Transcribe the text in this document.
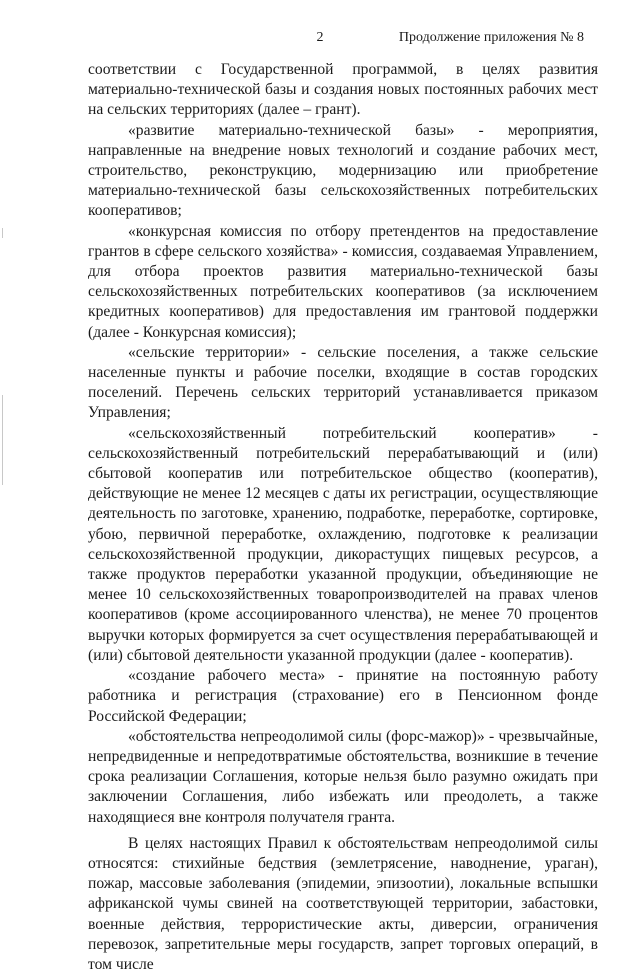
2	Продолжение приложения № 8

соответствии с Государственной программой, в целях развития материально-технической базы и создания новых постоянных рабочих мест на сельских территориях (далее – грант).

«развитие материально-технической базы» - мероприятия, направленные на внедрение новых технологий и создание рабочих мест, строительство, реконструкцию, модернизацию или приобретение материально-технической базы сельскохозяйственных потребительских кооперативов;

«конкурсная комиссия по отбору претендентов на предоставление грантов в сфере сельского хозяйства» - комиссия, создаваемая Управлением, для отбора проектов развития материально-технической базы сельскохозяйственных потребительских кооперативов (за исключением кредитных кооперативов) для предоставления им грантовой поддержки (далее - Конкурсная комиссия);

«сельские территории» - сельские поселения, а также сельские населенные пункты и рабочие поселки, входящие в состав городских поселений. Перечень сельских территорий устанавливается приказом Управления;

«сельскохозяйственный потребительский кооператив» - сельскохозяйственный потребительский перерабатывающий и (или) сбытовой кооператив или потребительское общество (кооператив), действующие не менее 12 месяцев с даты их регистрации, осуществляющие деятельность по заготовке, хранению, подработке, переработке, сортировке, убою, первичной переработке, охлаждению, подготовке к реализации сельскохозяйственной продукции, дикорастущих пищевых ресурсов, а также продуктов переработки указанной продукции, объединяющие не менее 10 сельскохозяйственных товаропроизводителей на правах членов кооперативов (кроме ассоциированного членства), не менее 70 процентов выручки которых формируется за счет осуществления перерабатывающей и (или) сбытовой деятельности указанной продукции (далее - кооператив).

«создание рабочего места» - принятие на постоянную работу работника и регистрация (страхование) его в Пенсионном фонде Российской Федерации;

«обстоятельства непреодолимой силы (форс-мажор)» - чрезвычайные, непредвиденные и непредотвратимые обстоятельства, возникшие в течение срока реализации Соглашения, которые нельзя было разумно ожидать при заключении Соглашения, либо избежать или преодолеть, а также находящиеся вне контроля получателя гранта.

В целях настоящих Правил к обстоятельствам непреодолимой силы относятся: стихийные бедствия (землетрясение, наводнение, ураган), пожар, массовые заболевания (эпидемии, эпизоотии), локальные вспышки африканской чумы свиней на соответствующей территории, забастовки, военные действия, террористические акты, диверсии, ограничения перевозок, запретительные меры государств, запрет торговых операций, в том числе
